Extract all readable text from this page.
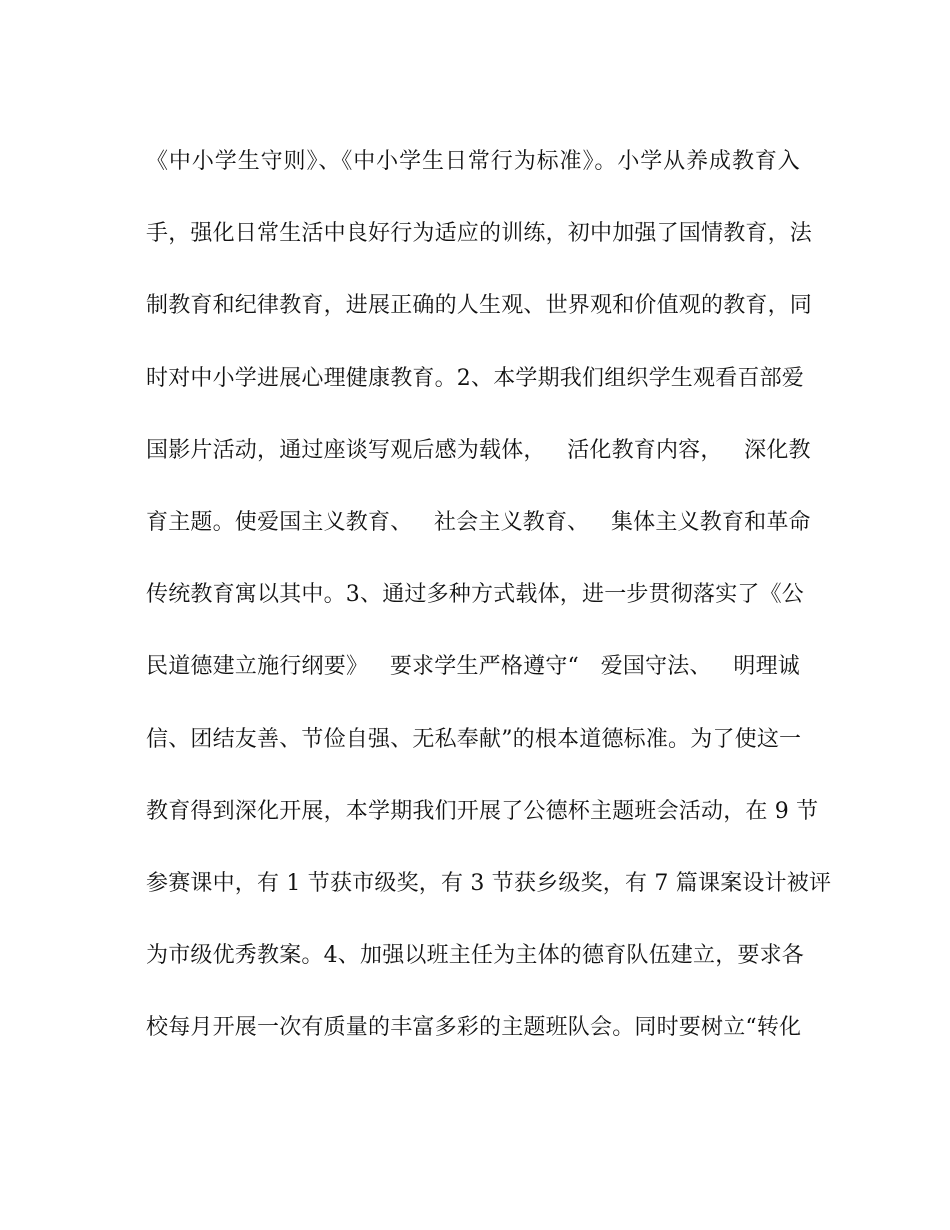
《中小学生守则》、《中小学生日常行为标准》。小学从养成教育入
手，强化日常生活中良好行为适应的训练，初中加强了国情教育，法
制教育和纪律教育，进展正确的人生观、世界观和价值观的教育，同
时对中小学进展心理健康教育。2、本学期我们组织学生观看百部爱
国影片活动，通过座谈写观后感为载体，   活化教育内容，   深化教
育主题。使爱国主义教育、   社会主义教育、   集体主义教育和革命
传统教育寓以其中。3、通过多种方式载体，进一步贯彻落实了《公
民道德建立施行纲要》   要求学生严格遵守“   爱国守法、   明理诚
信、团结友善、节俭自强、无私奉献”的根本道德标准。为了使这一
教育得到深化开展，本学期我们开展了公德杯主题班会活动，在 9 节
参赛课中，有 1 节获市级奖，有 3 节获乡级奖，有 7 篇课案设计被评
为市级优秀教案。4、加强以班主任为主体的德育队伍建立，要求各
校每月开展一次有质量的丰富多彩的主题班队会。同时要树立“转化
